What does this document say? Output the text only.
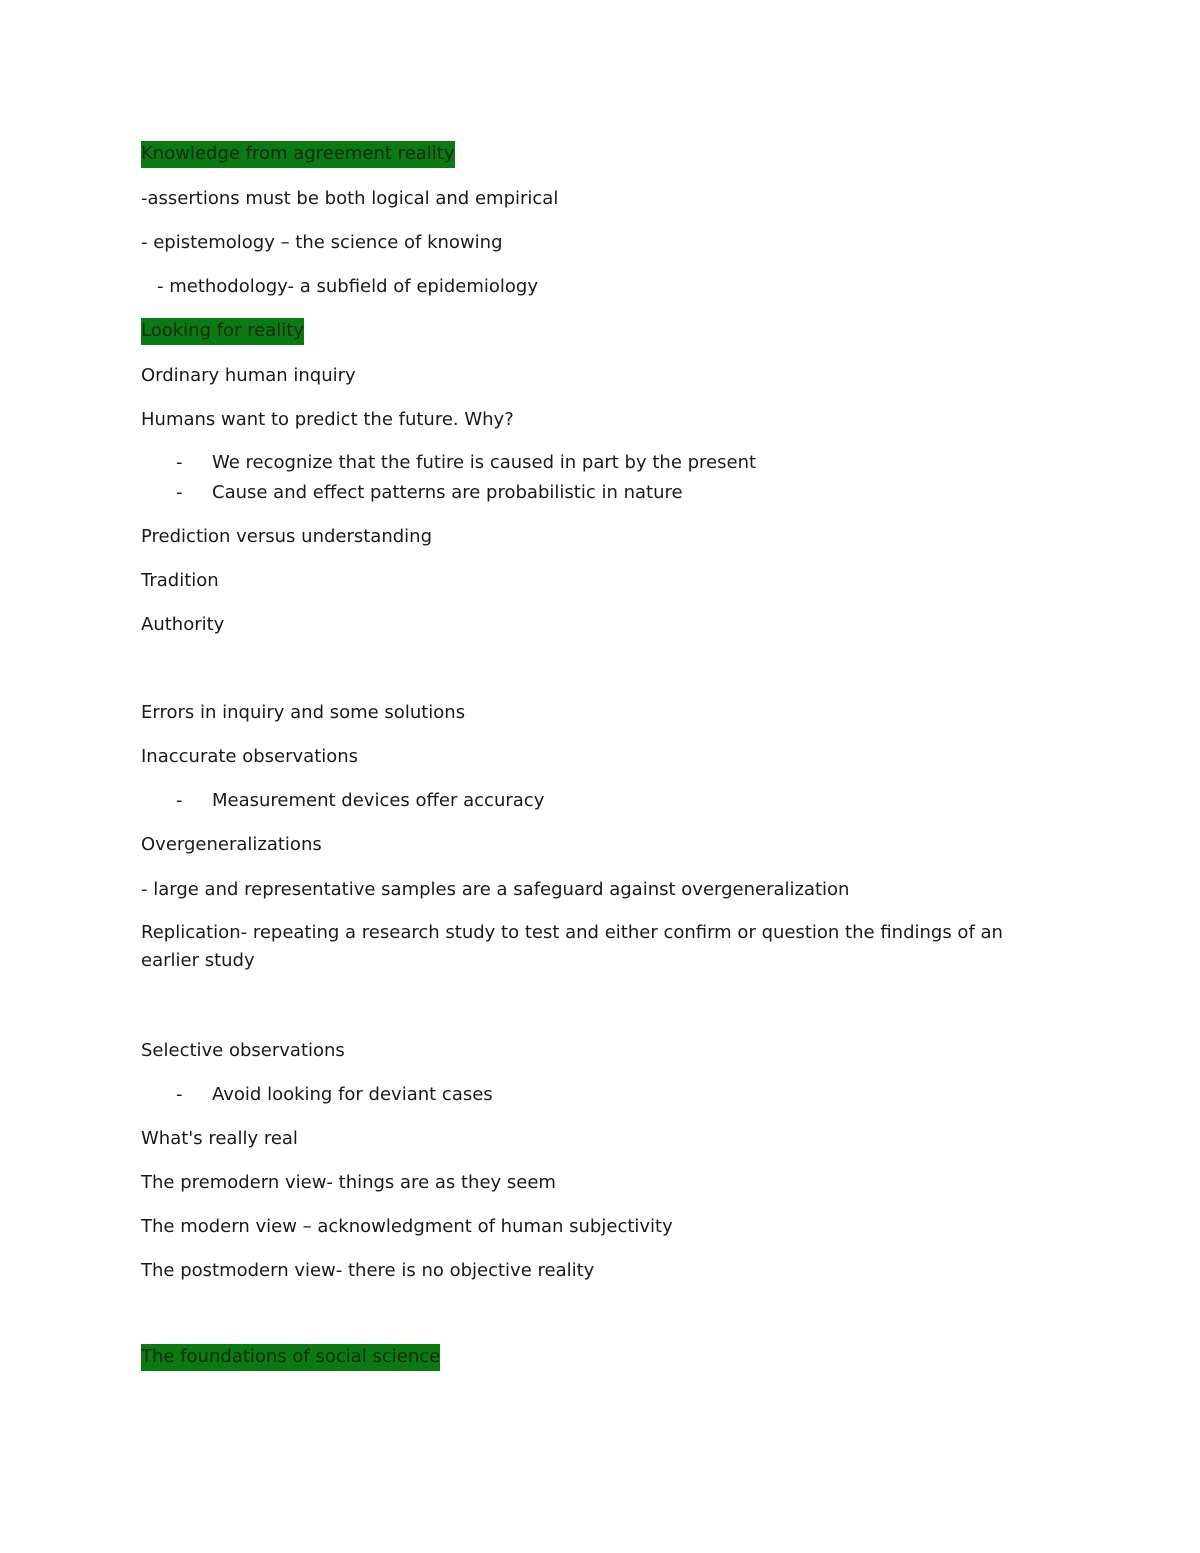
Knowledge from agreement reality
-assertions must be both logical and empirical
- epistemology – the science of knowing
- methodology- a subfield of epidemiology
Looking for reality
Ordinary human inquiry
Humans want to predict the future. Why?
- We recognize that the futire is caused in part by the present
- Cause and effect patterns are probabilistic in nature
Prediction versus understanding
Tradition
Authority
Errors in inquiry and some solutions
Inaccurate observations
- Measurement devices offer accuracy
Overgeneralizations
- large and representative samples are a safeguard against overgeneralization
Replication- repeating a research study to test and either confirm or question the findings of an earlier study
Selective observations
- Avoid looking for deviant cases
What's really real
The premodern view- things are as they seem
The modern view – acknowledgment of human subjectivity
The postmodern view- there is no objective reality
The foundations of social science
